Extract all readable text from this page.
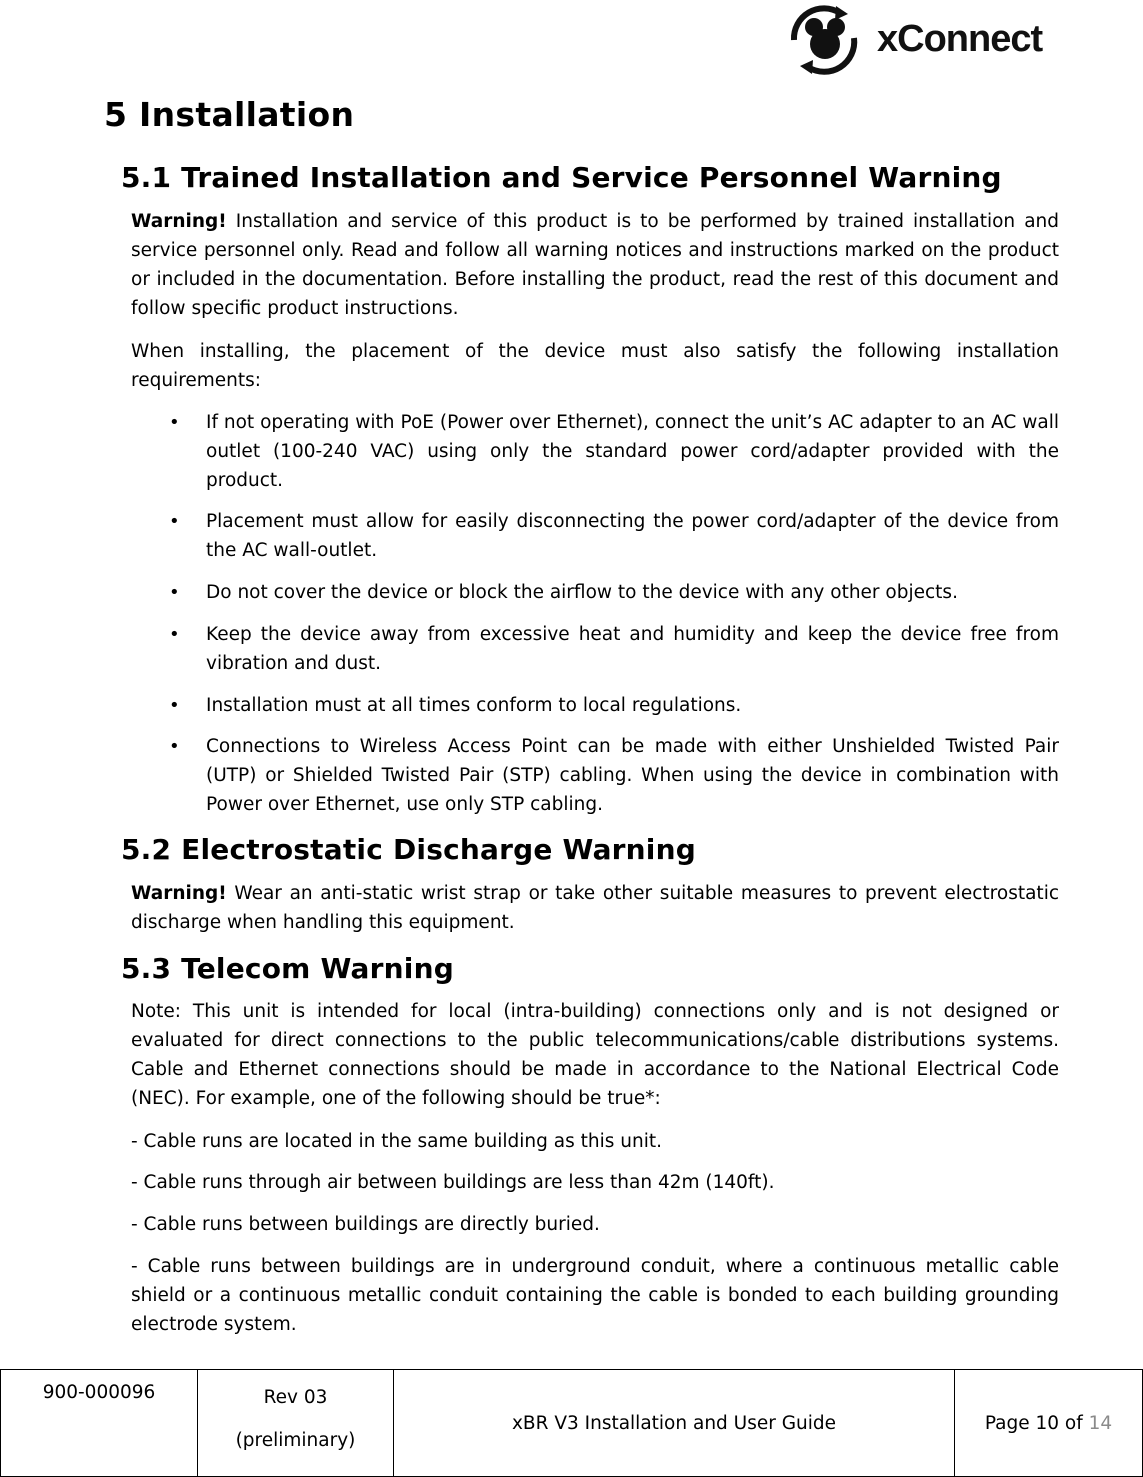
xConnect
5 Installation
5.1 Trained Installation and Service Personnel Warning

Warning! Installation and service of this product is to be performed by trained installation and service personnel only. Read and follow all warning notices and instructions marked on the product or included in the documentation. Before installing the product, read the rest of this document and follow specific product instructions.

When installing, the placement of the device must also satisfy the following installation requirements:

• If not operating with PoE (Power over Ethernet), connect the unit’s AC adapter to an AC wall outlet (100-240 VAC) using only the standard power cord/adapter provided with the product.
• Placement must allow for easily disconnecting the power cord/adapter of the device from the AC wall-outlet.
• Do not cover the device or block the airflow to the device with any other objects.
• Keep the device away from excessive heat and humidity and keep the device free from vibration and dust.
• Installation must at all times conform to local regulations.
• Connections to Wireless Access Point can be made with either Unshielded Twisted Pair (UTP) or Shielded Twisted Pair (STP) cabling. When using the device in combination with Power over Ethernet, use only STP cabling.
5.2 Electrostatic Discharge Warning

Warning! Wear an anti-static wrist strap or take other suitable measures to prevent electrostatic discharge when handling this equipment.

5.3 Telecom Warning

Note: This unit is intended for local (intra-building) connections only and is not designed or evaluated for direct connections to the public telecommunications/cable distributions systems. Cable and Ethernet connections should be made in accordance to the National Electrical Code (NEC). For example, one of the following should be true*:

- Cable runs are located in the same building as this unit.

- Cable runs through air between buildings are less than 42m (140ft).

- Cable runs between buildings are directly buried.

- Cable runs between buildings are in underground conduit, where a continuous metallic cable shield or a continuous metallic conduit containing the cable is bonded to each building grounding electrode system.

900-000096	Rev 03
(preliminary)

xBR V3 Installation and User Guide	Page 10 of 14
